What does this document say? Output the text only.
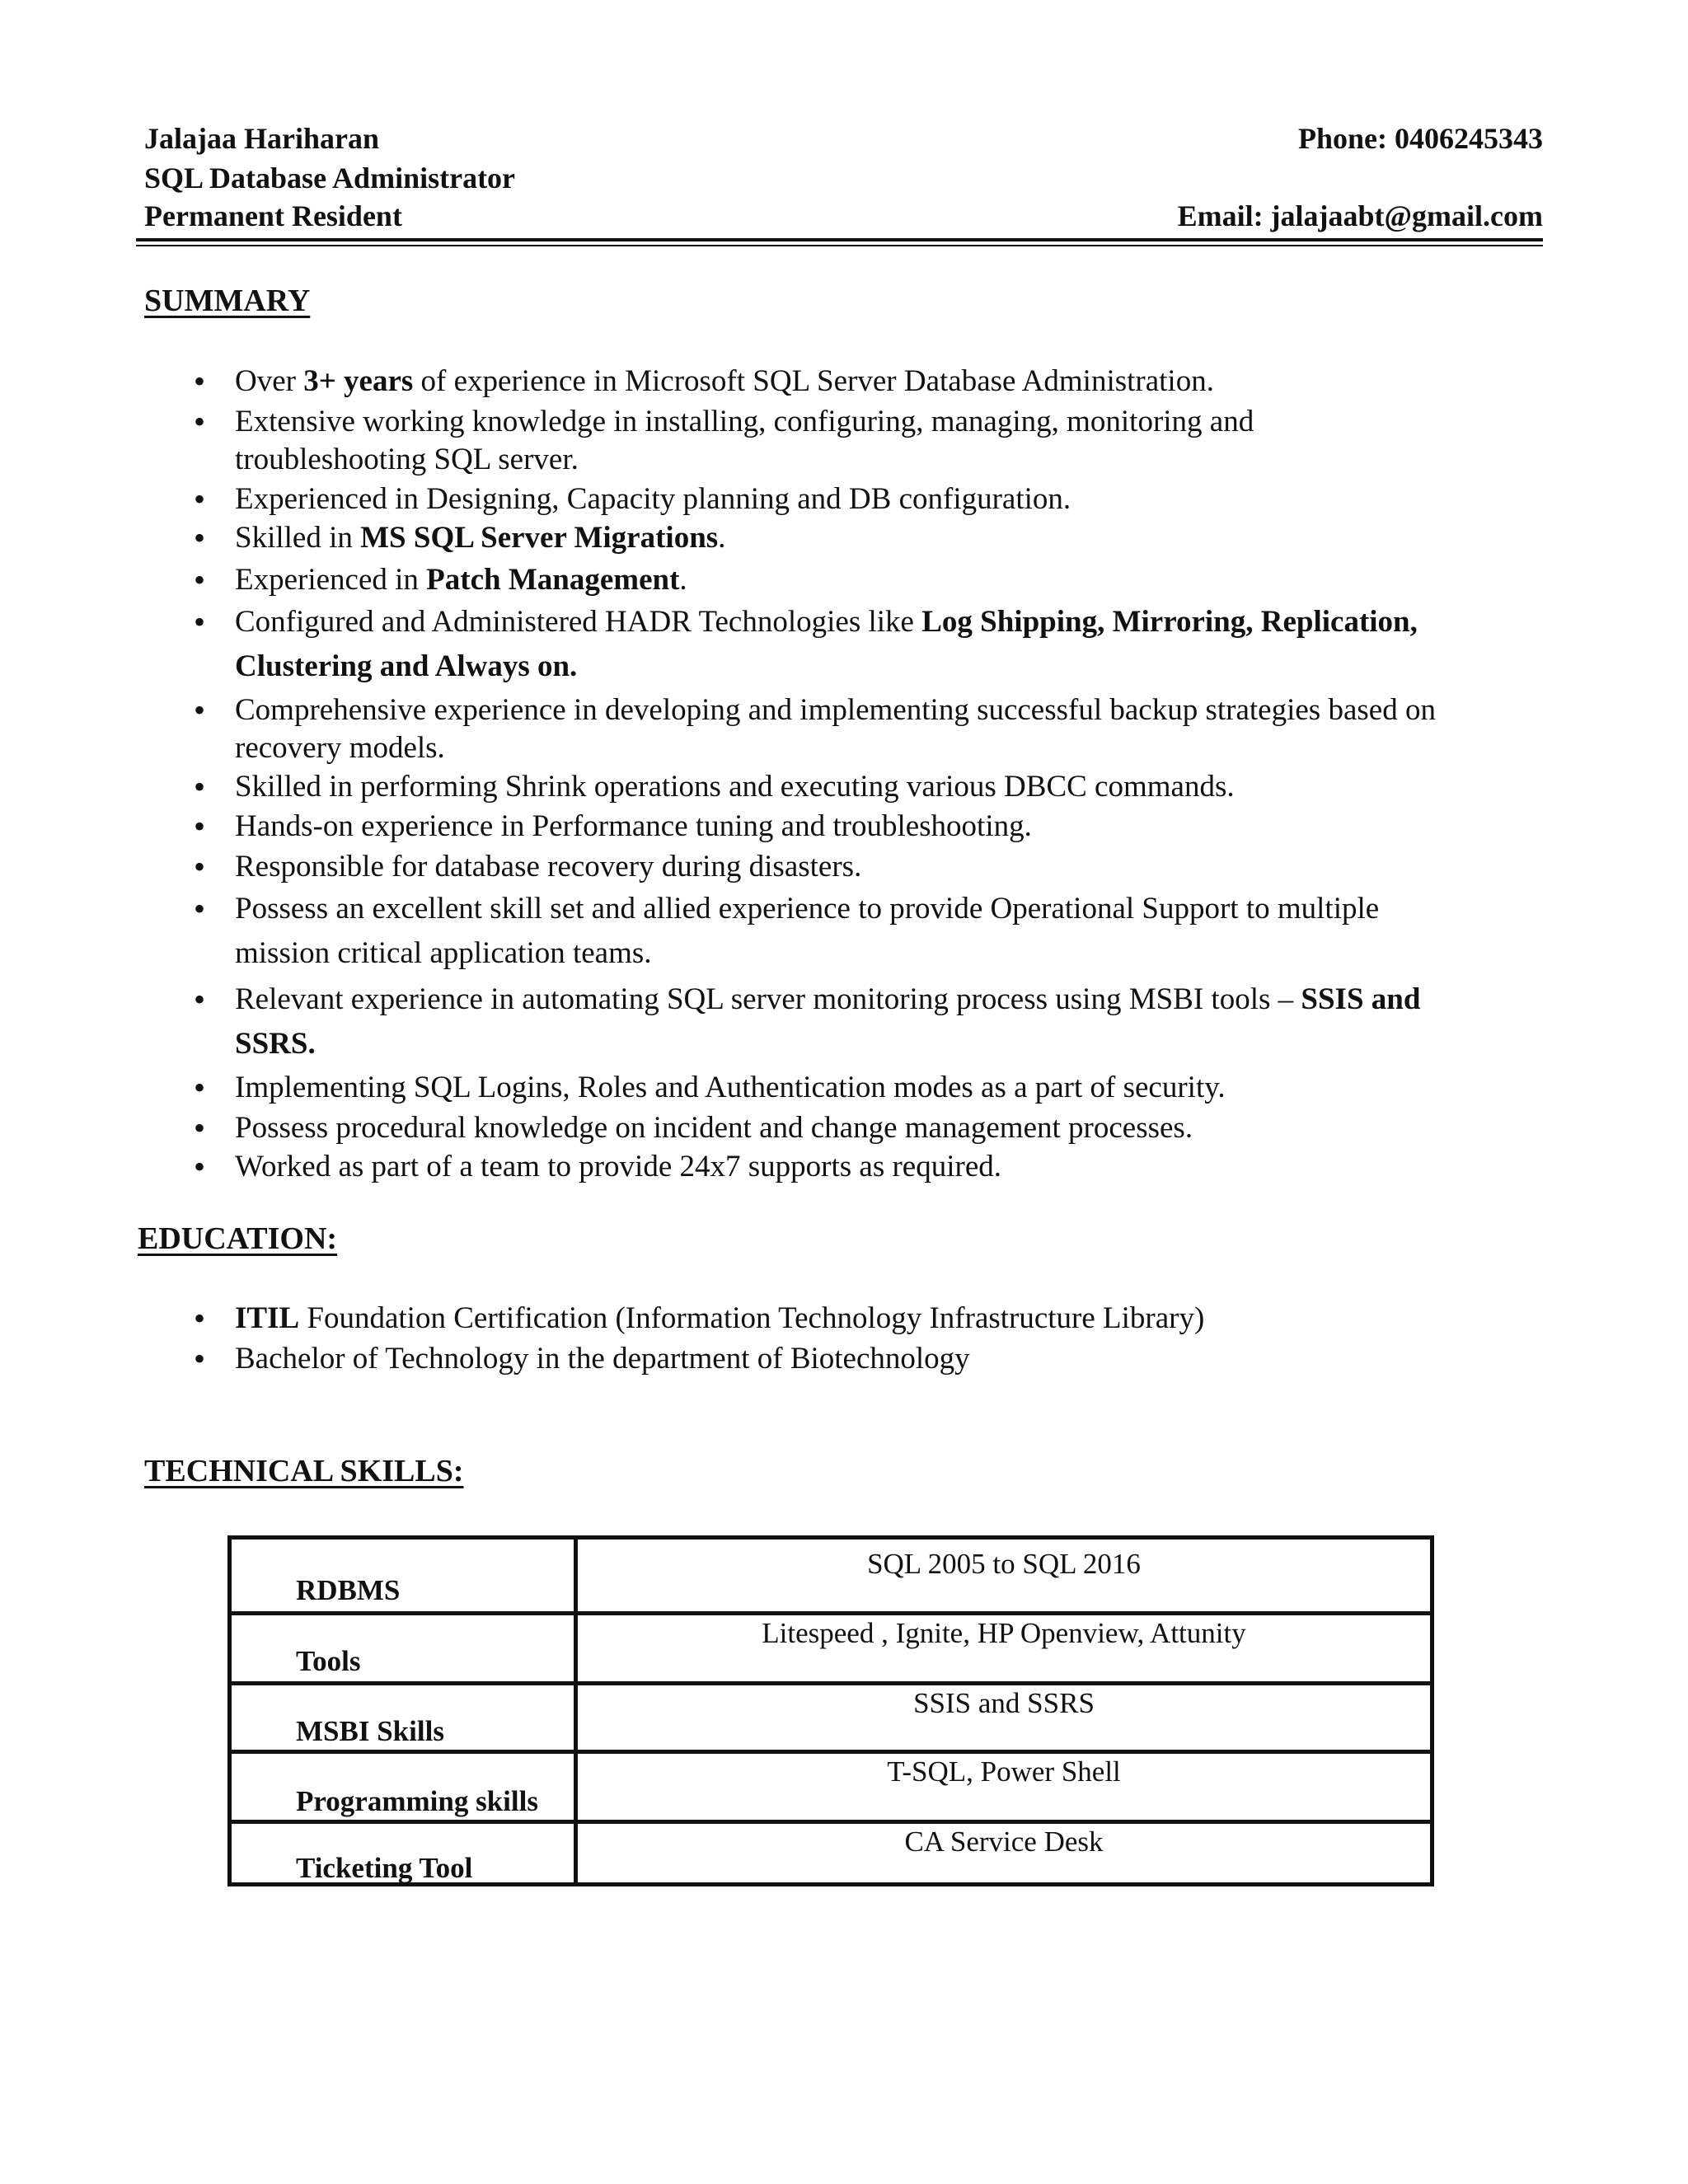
Jalajaa Hariharan
SQL Database Administrator
Permanent Resident
Phone: 0406245343
Email: jalajaabt@gmail.com
SUMMARY
• Over 3+ years of experience in Microsoft SQL Server Database Administration.
• Extensive working knowledge in installing, configuring, managing, monitoring and
troubleshooting SQL server.
• Experienced in Designing, Capacity planning and DB configuration.
• Skilled in MS SQL Server Migrations.
• Experienced in Patch Management.
• Configured and Administered HADR Technologies like Log Shipping, Mirroring, Replication,
Clustering and Always on.
• Comprehensive experience in developing and implementing successful backup strategies based on
recovery models.
• Skilled in performing Shrink operations and executing various DBCC commands.
• Hands-on experience in Performance tuning and troubleshooting.
• Responsible for database recovery during disasters.
• Possess an excellent skill set and allied experience to provide Operational Support to multiple
mission critical application teams.
• Relevant experience in automating SQL server monitoring process using MSBI tools – SSIS and
SSRS.
• Implementing SQL Logins, Roles and Authentication modes as a part of security.
• Possess procedural knowledge on incident and change management processes.
• Worked as part of a team to provide 24x7 supports as required.
EDUCATION:
• ITIL Foundation Certification (Information Technology Infrastructure Library)
• Bachelor of Technology in the department of Biotechnology
TECHNICAL SKILLS:
RDBMS
SQL 2005 to SQL 2016
Tools
Litespeed , Ignite, HP Openview, Attunity
MSBI Skills
SSIS and SSRS
Programming skills
T-SQL, Power Shell
Ticketing Tool
CA Service Desk
